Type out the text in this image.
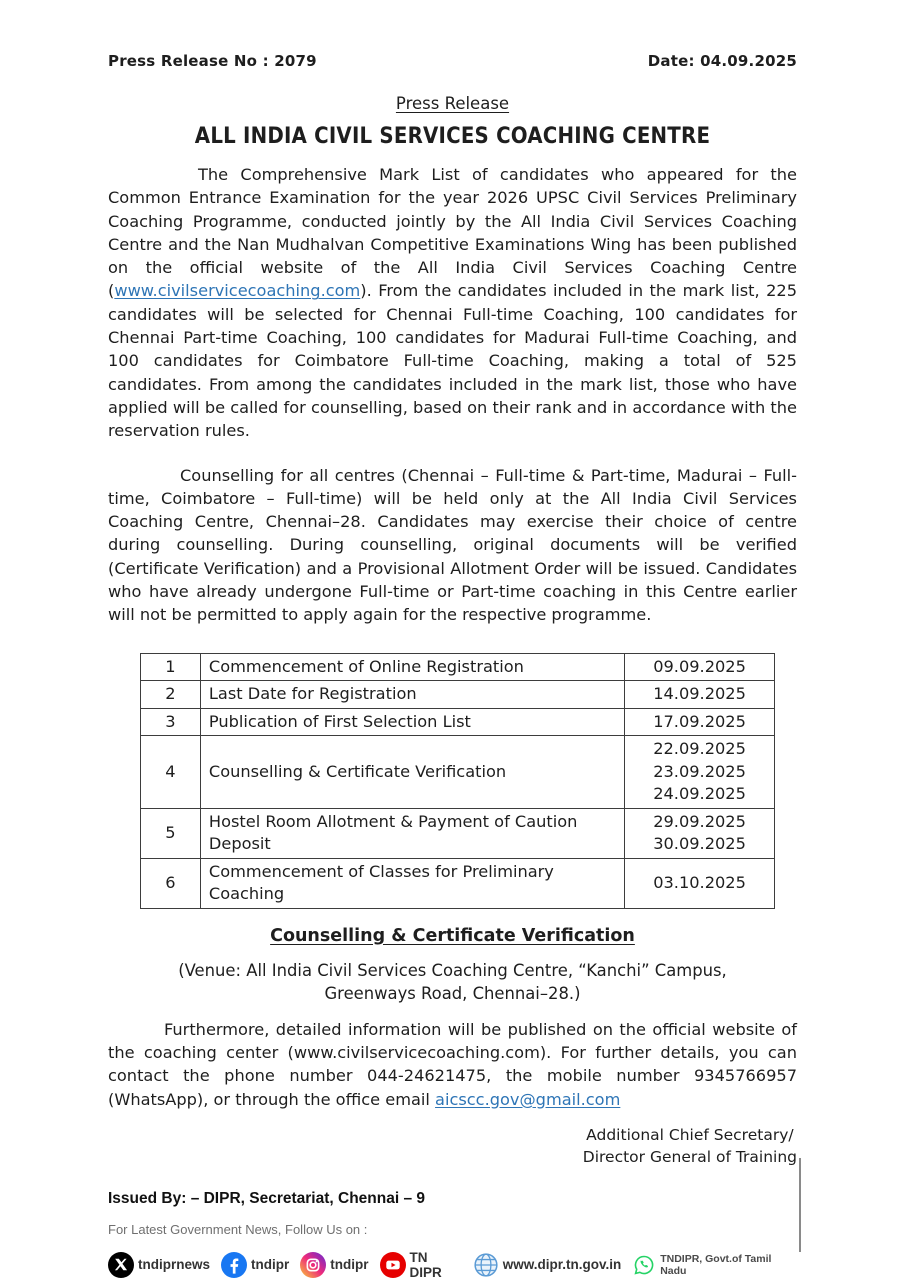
Press Release No : 2079	Date: 04.09.2025
Press Release
ALL INDIA CIVIL SERVICES COACHING CENTRE
The Comprehensive Mark List of candidates who appeared for the Common Entrance Examination for the year 2026 UPSC Civil Services Preliminary Coaching Programme, conducted jointly by the All India Civil Services Coaching Centre and the Nan Mudhalvan Competitive Examinations Wing has been published on the official website of the All India Civil Services Coaching Centre (www.civilservicecoaching.com). From the candidates included in the mark list, 225 candidates will be selected for Chennai Full-time Coaching, 100 candidates for Chennai Part-time Coaching, 100 candidates for Madurai Full-time Coaching, and 100 candidates for Coimbatore Full-time Coaching, making a total of 525 candidates. From among the candidates included in the mark list, those who have applied will be called for counselling, based on their rank and in accordance with the reservation rules.
Counselling for all centres (Chennai – Full-time & Part-time, Madurai – Full-time, Coimbatore – Full-time) will be held only at the All India Civil Services Coaching Centre, Chennai–28. Candidates may exercise their choice of centre during counselling. During counselling, original documents will be verified (Certificate Verification) and a Provisional Allotment Order will be issued. Candidates who have already undergone Full-time or Part-time coaching in this Centre earlier will not be permitted to apply again for the respective programme.
1	Commencement of Online Registration	09.09.2025

2	Last Date for Registration	14.09.2025

3	Publication of First Selection List	17.09.2025

4	Counselling & Certificate Verification	22.09.2025
23.09.2025
24.09.2025

5	Hostel Room Allotment & Payment of Caution Deposit	29.09.2025
30.09.2025

6	Commencement of Classes for Preliminary Coaching	03.10.2025
Counselling & Certificate Verification
(Venue: All India Civil Services Coaching Centre, “Kanchi” Campus,
Greenways Road, Chennai–28.)
Furthermore, detailed information will be published on the official website of the coaching center (www.civilservicecoaching.com). For further details, you can contact the phone number 044-24621475, the mobile number 9345766957 (WhatsApp), or through the office email aicscc.gov@gmail.com
Additional Chief Secretary/
Director General of Training
Issued By: – DIPR, Secretariat, Chennai – 9
For Latest Government News, Follow Us on :
tndiprnews	tndipr	tndipr	TN DIPR	www.dipr.tn.gov.in	TNDIPR, Govt.of Tamil Nadu
